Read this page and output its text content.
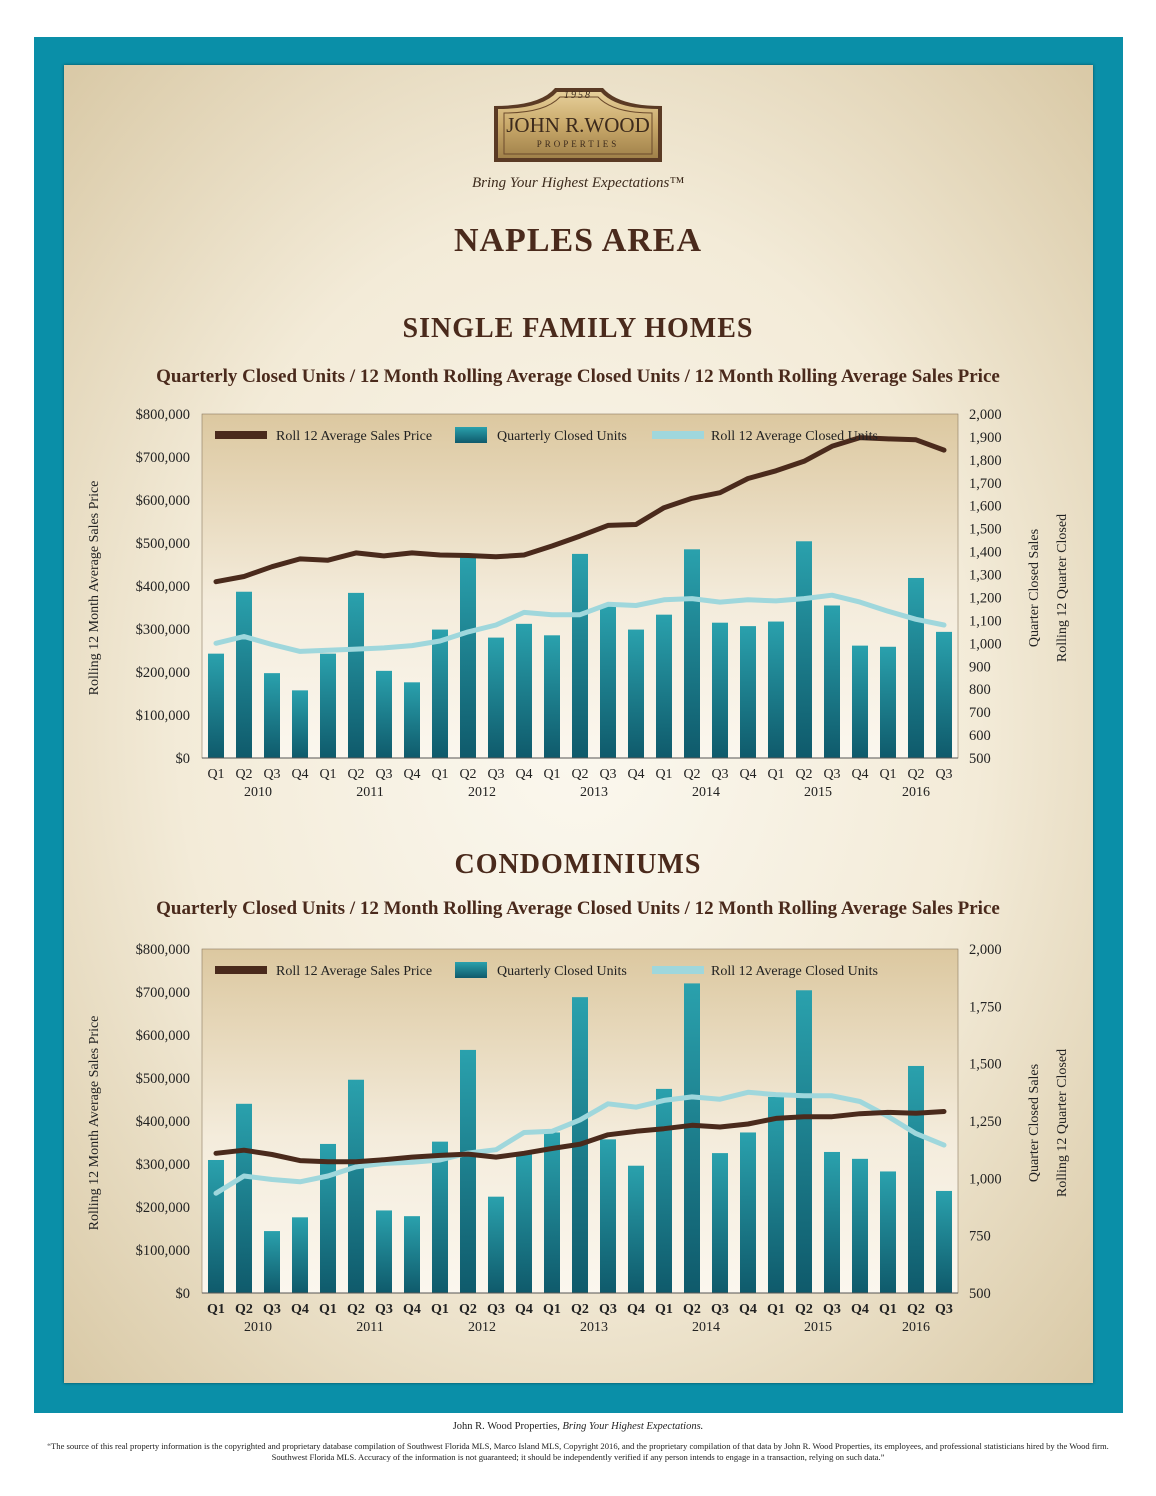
1958
JOHN R.WOOD
PROPERTIES
Bring Your Highest Expectations™
NAPLES AREA
SINGLE FAMILY HOMES
Quarterly Closed Units / 12 Month Rolling Average Closed Units / 12 Month Rolling Average Sales Price
$0
$100,000
$200,000
$300,000
$400,000
$500,000
$600,000
$700,000
$800,000
500
600
700
800
900
1,000
1,100
1,200
1,300
1,400
1,500
1,600
1,700
1,800
1,900
2,000
Roll 12 Average Sales Price	Quarterly Closed Units	Roll 12 Average Closed Units
Q1 Q2 Q3 Q4 Q1 Q2 Q3 Q4 Q1 Q2 Q3 Q4 Q1 Q2 Q3 Q4 Q1 Q2 Q3 Q4 Q1 Q2 Q3 Q4 Q1 Q2 Q3
2010	2011	2012	2013	2014	2015	2016
Rolling 12 Month Average Sales Price	Quarter Closed Sales Rolling 12 Quarter Closed
CONDOMINIUMS
Quarterly Closed Units / 12 Month Rolling Average Closed Units / 12 Month Rolling Average Sales Price
$0
$100,000
$200,000
$300,000
$400,000
$500,000
$600,000
$700,000
$800,000
500
750
1,000
1,250
1,500
1,750
2,000
Roll 12 Average Sales Price	Quarterly Closed Units	Roll 12 Average Closed Units
Q1 Q2 Q3 Q4 Q1 Q2 Q3 Q4 Q1 Q2 Q3 Q4 Q1 Q2 Q3 Q4 Q1 Q2 Q3 Q4 Q1 Q2 Q3 Q4 Q1 Q2 Q3
2010	2011	2012	2013	2014	2015	2016
Rolling 12 Month Average Sales Price	Quarter Closed Sales Rolling 12 Quarter Closed
John R. Wood Properties, Bring Your Highest Expectations.
“The source of this real property information is the copyrighted and proprietary database compilation of Southwest Florida MLS, Marco Island MLS, Copyright 2016, and the proprietary compilation of that data by John R. Wood Properties, its employees, and professional statisticians hired by the Wood firm. Southwest Florida MLS. Accuracy of the information is not guaranteed; it should be independently verified if any person intends to engage in a transaction, relying on such data.”
